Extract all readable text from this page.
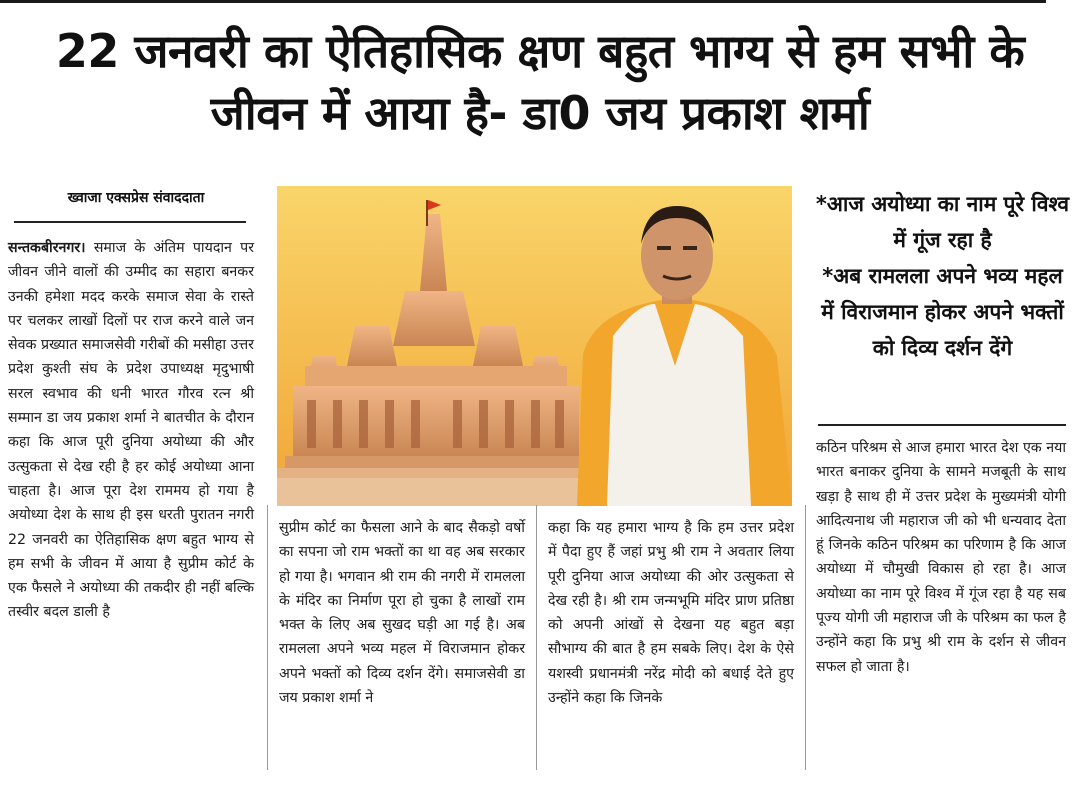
22 जनवरी का ऐतिहासिक क्षण बहुत भाग्य से हम सभी के जीवन में आया है- डा0 जय प्रकाश शर्मा

ख्वाजा एक्सप्रेस संवाददाता

सन्तकबीरनगर। समाज के अंतिम पायदान पर जीवन जीने वालों की उम्मीद का सहारा बनकर उनकी हमेशा मदद करके समाज सेवा के रास्ते पर चलकर लाखों दिलों पर राज करने वाले जन सेवक प्रख्यात समाजसेवी गरीबों की मसीहा उत्तर प्रदेश कुश्ती संघ के प्रदेश उपाध्यक्ष मृदुभाषी सरल स्वभाव की धनी भारत गौरव रत्न श्री सम्मान डा जय प्रकाश शर्मा ने बातचीत के दौरान कहा कि आज पूरी दुनिया अयोध्या की और उत्सुकता से देख रही है हर कोई अयोध्या आना चाहता है। आज पूरा देश राममय हो गया है अयोध्या देश के साथ ही इस धरती पुरातन नगरी 22 जनवरी का ऐतिहासिक क्षण बहुत भाग्य से हम सभी के जीवन में आया है सुप्रीम कोर्ट के एक फैसले ने अयोध्या की तकदीर ही नहीं बल्कि तस्वीर बदल डाली है

*आज अयोध्या का नाम पूरे विश्व में गूंज रहा है
*अब रामलला अपने भव्य महल में विराजमान होकर अपने भक्तों को दिव्य दर्शन देंगे

सुप्रीम कोर्ट का फैसला आने के बाद सैकड़ो वर्षो का सपना जो राम भक्तों का था वह अब सरकार हो गया है। भगवान श्री राम की नगरी में रामलला के मंदिर का निर्माण पूरा हो चुका है लाखों राम भक्त के लिए अब सुखद घड़ी आ गई है। अब रामलला अपने भव्य महल में विराजमान होकर अपने भक्तों को दिव्य दर्शन देंगे। समाजसेवी डा जय प्रकाश शर्मा ने

कहा कि यह हमारा भाग्य है कि हम उत्तर प्रदेश में पैदा हुए हैं जहां प्रभु श्री राम ने अवतार लिया पूरी दुनिया आज अयोध्या की ओर उत्सुकता से देख रही है। श्री राम जन्मभूमि मंदिर प्राण प्रतिष्ठा को अपनी आंखों से देखना यह बहुत बड़ा सौभाग्य की बात है हम सबके लिए। देश के ऐसे यशस्वी प्रधानमंत्री नरेंद्र मोदी को बधाई देते हुए उन्होंने कहा कि जिनके

कठिन परिश्रम से आज हमारा भारत देश एक नया भारत बनाकर दुनिया के सामने मजबूती के साथ खड़ा है साथ ही में उत्तर प्रदेश के मुख्यमंत्री योगी आदित्यनाथ जी महाराज जी को भी धन्यवाद देता हूं जिनके कठिन परिश्रम का परिणाम है कि आज अयोध्या में चौमुखी विकास हो रहा है। आज अयोध्या का नाम पूरे विश्व में गूंज रहा है यह सब पूज्य योगी जी महाराज जी के परिश्रम का फल है उन्होंने कहा कि प्रभु श्री राम के दर्शन से जीवन सफल हो जाता है।
